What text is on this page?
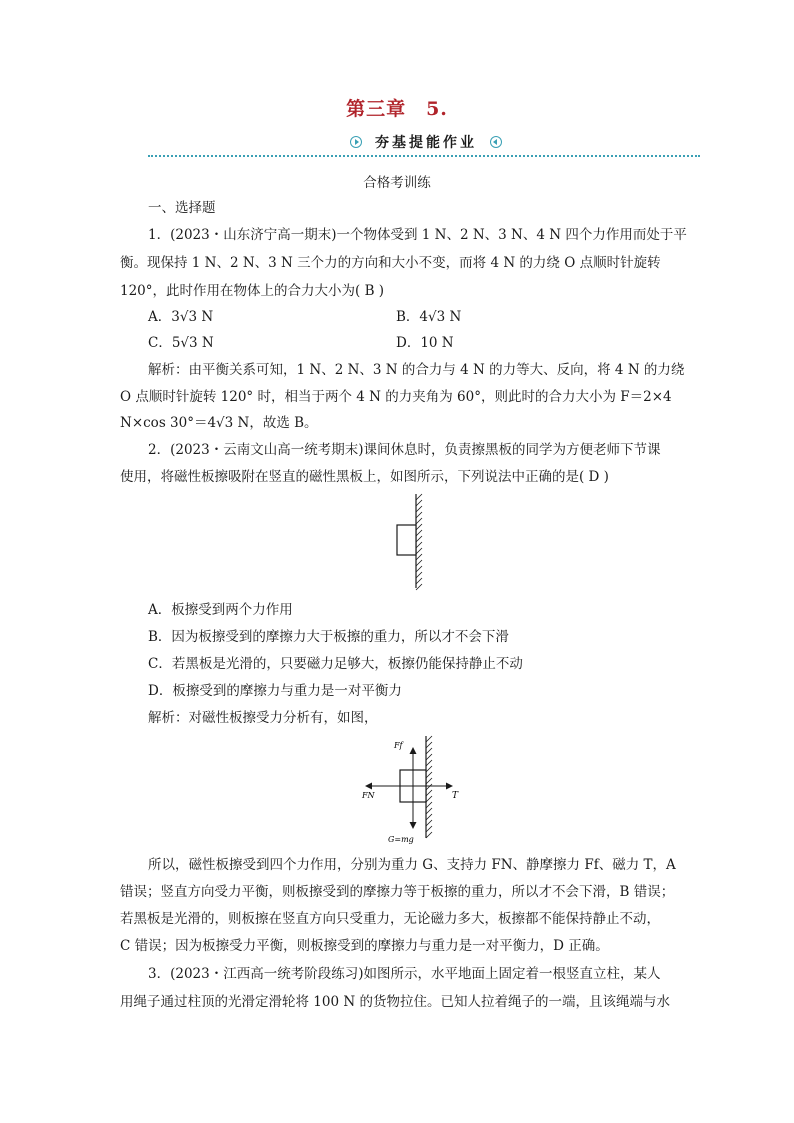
第三章　5.
夯基提能作业
合格考训练
一、选择题
1．(2023・山东济宁高一期末)一个物体受到 1 N、2 N、3 N、4 N 四个力作用而处于平
衡。现保持 1 N、2 N、3 N 三个力的方向和大小不变，而将 4 N 的力绕 O 点顺时针旋转
120°，此时作用在物体上的合力大小为( B )
A．3√3 N	B．4√3 N
C．5√3 N	D．10 N
解析：由平衡关系可知，1 N、2 N、3 N 的合力与 4 N 的力等大、反向，将 4 N 的力绕
O 点顺时针旋转 120° 时，相当于两个 4 N 的力夹角为 60°，则此时的合力大小为 F＝2×4
N×cos 30°＝4√3 N，故选 B。
2．(2023・云南文山高一统考期末)课间休息时，负责擦黑板的同学为方便老师下节课
使用，将磁性板擦吸附在竖直的磁性黑板上，如图所示，下列说法中正确的是( D )
A．板擦受到两个力作用
B．因为板擦受到的摩擦力大于板擦的重力，所以才不会下滑
C．若黑板是光滑的，只要磁力足够大，板擦仍能保持静止不动
D．板擦受到的摩擦力与重力是一对平衡力
解析：对磁性板擦受力分析有，如图，
Ff
FN	T
G=mg
所以，磁性板擦受到四个力作用，分别为重力 G、支持力 FN、静摩擦力 Ff、磁力 T，A
错误；竖直方向受力平衡，则板擦受到的摩擦力等于板擦的重力，所以才不会下滑，B 错误；
若黑板是光滑的，则板擦在竖直方向只受重力，无论磁力多大，板擦都不能保持静止不动，
C 错误；因为板擦受力平衡，则板擦受到的摩擦力与重力是一对平衡力，D 正确。
3．(2023・江西高一统考阶段练习)如图所示，水平地面上固定着一根竖直立柱，某人
用绳子通过柱顶的光滑定滑轮将 100 N 的货物拉住。已知人拉着绳子的一端，且该绳端与水
